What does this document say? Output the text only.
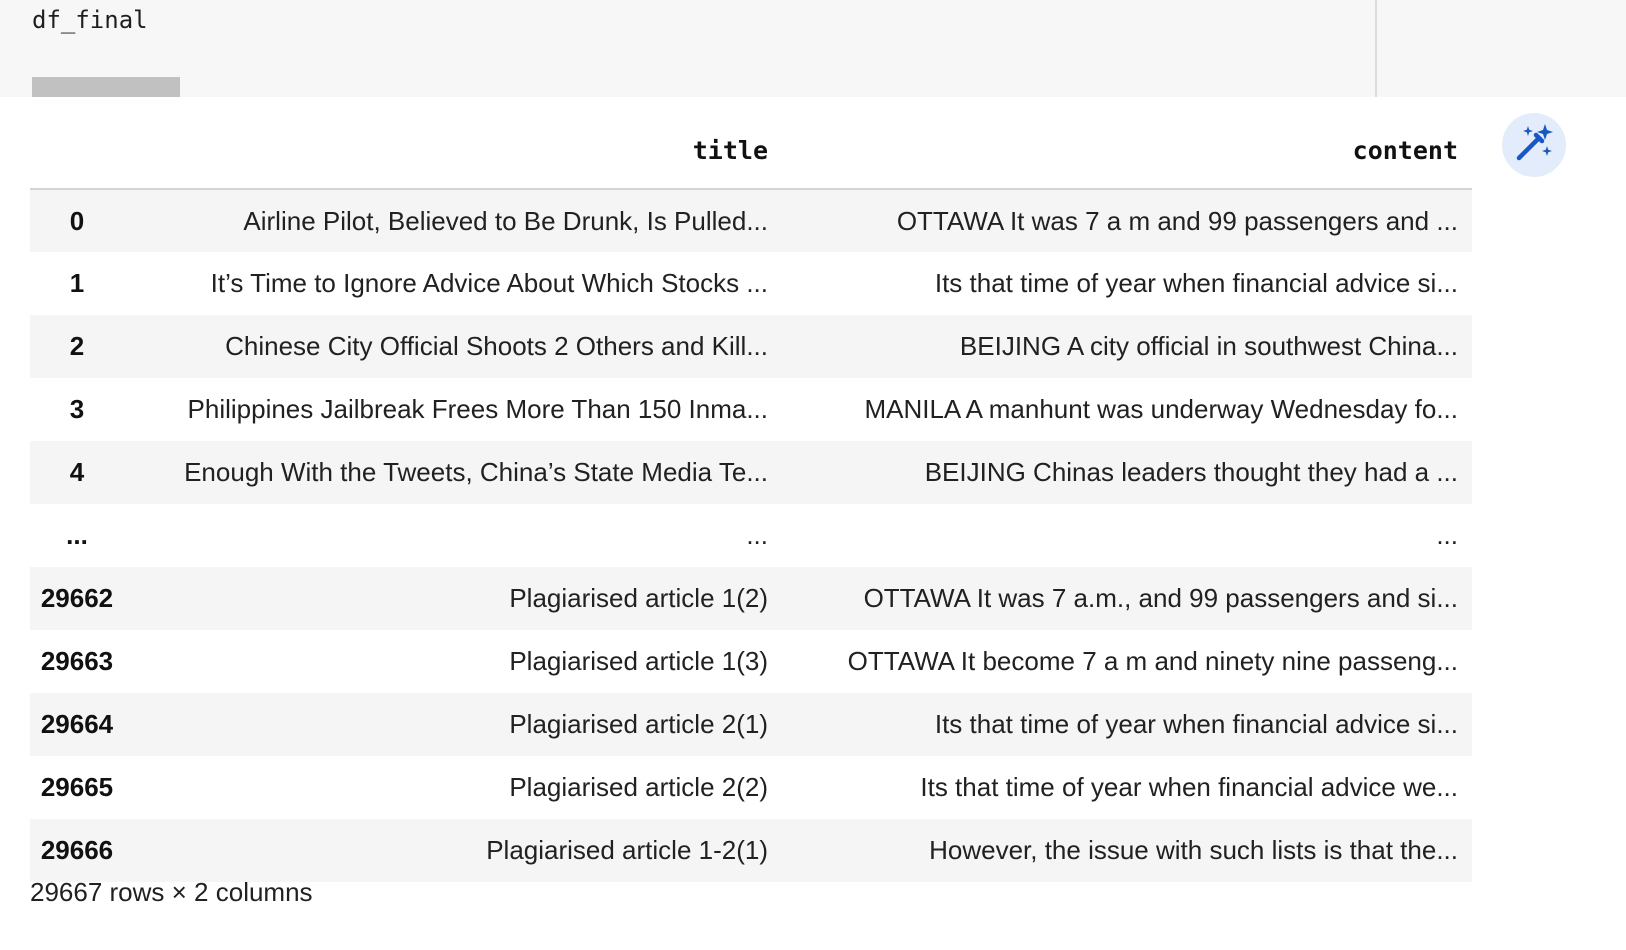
df_final
	title	content
0	Airline Pilot, Believed to Be Drunk, Is Pulled...	OTTAWA It was 7 a m and 99 passengers and ...
1	It’s Time to Ignore Advice About Which Stocks ...	Its that time of year when financial advice si...
2	Chinese City Official Shoots 2 Others and Kill...	BEIJING A city official in southwest China...
3	Philippines Jailbreak Frees More Than 150 Inma...	MANILA A manhunt was underway Wednesday fo...
4	Enough With the Tweets, China’s State Media Te...	BEIJING Chinas leaders thought they had a ...
...	...	...
29662	Plagiarised article 1(2)	OTTAWA It was 7 a.m., and 99 passengers and si...
29663	Plagiarised article 1(3)	OTTAWA It become 7 a m and ninety nine passeng...
29664	Plagiarised article 2(1)	Its that time of year when financial advice si...
29665	Plagiarised article 2(2)	Its that time of year when financial advice we...
29666	Plagiarised article 1-2(1)	However, the issue with such lists is that the...
29667 rows × 2 columns
